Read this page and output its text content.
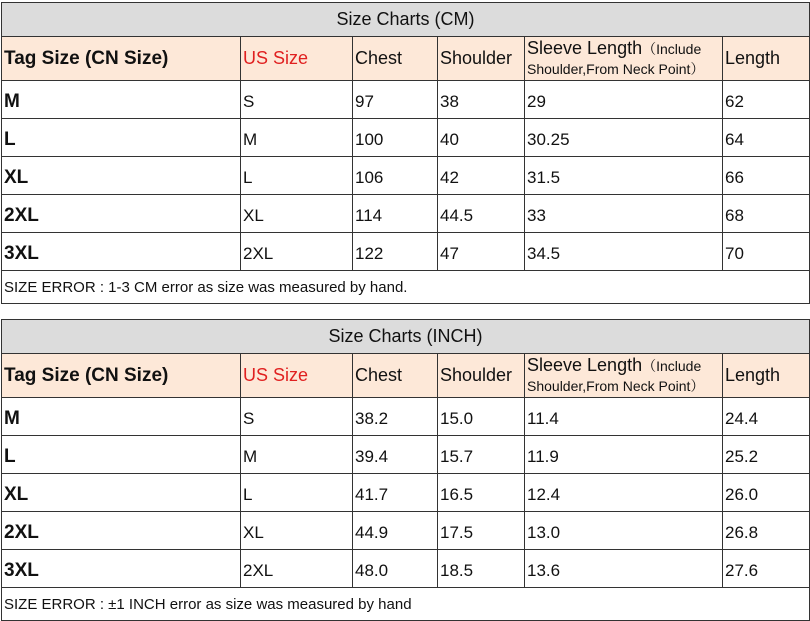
Size Charts (CM)					
Tag Size (CN Size)	US Size	Chest	Shoulder	Sleeve Length（Include
Shoulder,From Neck Point）	Length
M	S	97	38	29	62
L	M	100	40	30.25	64
XL	L	106	42	31.5	66
2XL	XL	114	44.5	33	68
3XL	2XL	122	47	34.5	70
SIZE ERROR : 1-3 CM error as size was measured by hand.					
Size Charts (INCH)					
Tag Size (CN Size)	US Size	Chest	Shoulder	Sleeve Length（Include
Shoulder,From Neck Point）	Length
M	S	38.2	15.0	11.4	24.4
L	M	39.4	15.7	11.9	25.2
XL	L	41.7	16.5	12.4	26.0
2XL	XL	44.9	17.5	13.0	26.8
3XL	2XL	48.0	18.5	13.6	27.6
SIZE ERROR : ±1 INCH error as size was measured by hand					
